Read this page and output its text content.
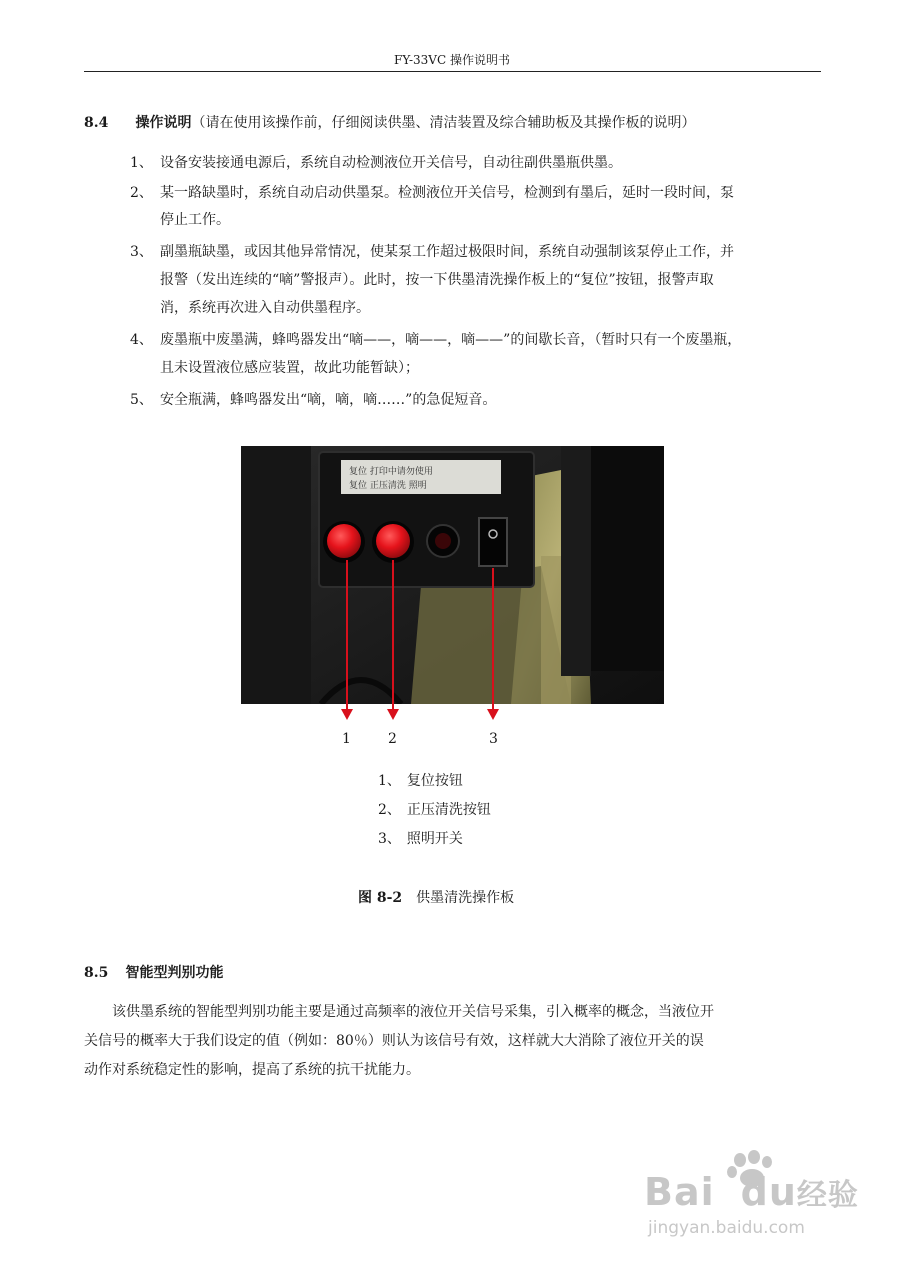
FY-33VC 操作说明书
8.4 操作说明（请在使用该操作前，仔细阅读供墨、清洁装置及综合辅助板及其操作板的说明）
1、 设备安装接通电源后，系统自动检测液位开关信号，自动往副供墨瓶供墨。
2、 某一路缺墨时，系统自动启动供墨泵。检测液位开关信号，检测到有墨后，延时一段时间，泵
停止工作。
3、 副墨瓶缺墨，或因其他异常情况，使某泵工作超过极限时间，系统自动强制该泵停止工作，并
报警（发出连续的“嘀”警报声）。此时，按一下供墨清洗操作板上的“复位”按钮，报警声取
消，系统再次进入自动供墨程序。
4、 废墨瓶中废墨满，蜂鸣器发出“嘀——，嘀——，嘀——”的间歇长音，（暂时只有一个废墨瓶，
且未设置液位感应装置，故此功能暂缺）；
5、 安全瓶满，蜂鸣器发出“嘀，嘀，嘀……”的急促短音。
复位 打印中请勿使用
复位 正压清洗 照明
1	2	3
1、 复位按钮
2、 正压清洗按钮
3、 照明开关
图 8-2 供墨清洗操作板
8.5 智能型判别功能
该供墨系统的智能型判别功能主要是通过高频率的液位开关信号采集，引入概率的概念，当液位开
关信号的概率大于我们设定的值（例如：80％）则认为该信号有效，这样就大大消除了液位开关的误
动作对系统稳定性的影响，提高了系统的抗干扰能力。
Bai du经验
jingyan.baidu.com
